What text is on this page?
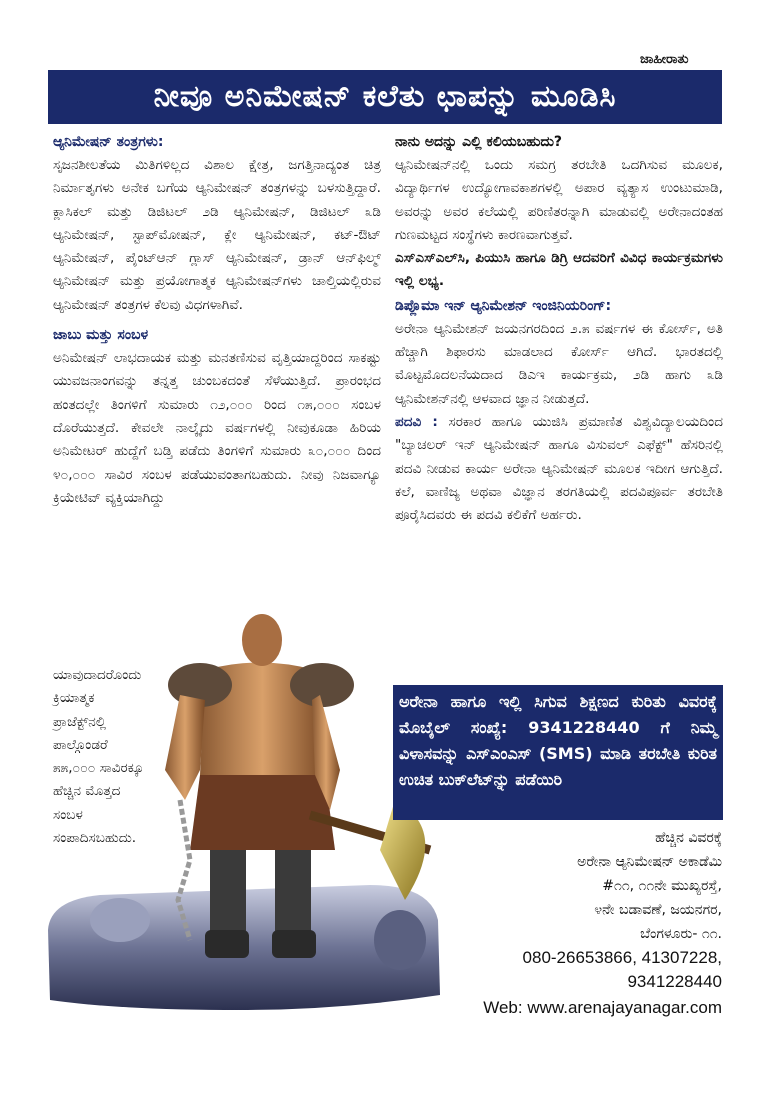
ಜಾಹೀರಾತು
ನೀವೂ ಅನಿಮೇಷನ್ ಕಲೆತು ಛಾಪನ್ನು ಮೂಡಿಸಿ
ಆ್ಯನಿಮೇಷನ್ ತಂತ್ರಗಳು:

ಸೃಜನಶೀಲತೆಯ ಮಿತಿಗಳಿಲ್ಲದ ವಿಶಾಲ ಕ್ಷೇತ್ರ, ಜಗತ್ತಿನಾದ್ಯಂತ ಚಿತ್ರ ನಿರ್ಮಾತೃಗಳು ಅನೇಕ ಬಗೆಯ ಆ್ಯನಿಮೇಷನ್ ತಂತ್ರಗಳನ್ನು ಬಳಸುತ್ತಿದ್ದಾರೆ. ಕ್ಲಾಸಿಕಲ್ ಮತ್ತು ಡಿಜಿಟಲ್ ೨ಡಿ ಆ್ಯನಿಮೇಷನ್, ಡಿಜಿಟಲ್ ೩ಡಿ ಆ್ಯನಿಮೇಷನ್, ಸ್ಟಾಪ್‌ಮೋಷನ್, ಕ್ಲೇ ಆ್ಯನಿಮೇಷನ್, ಕಟ್-ಔಟ್ ಆ್ಯನಿಮೇಷನ್, ಪೈಂಟ್‌ಆನ್ ಗ್ಲಾಸ್ ಆ್ಯನಿಮೇಷನ್, ಡ್ರಾನ್ ಆನ್‌ಫಿಲ್ಮ್ ಆ್ಯನಿಮೇಷನ್ ಮತ್ತು ಪ್ರಯೋಗಾತ್ಮಕ ಆ್ಯನಿಮೇಷನ್‌ಗಳು ಚಾಲ್ತಿಯಲ್ಲಿರುವ ಆ್ಯನಿಮೇಷನ್ ತಂತ್ರಗಳ ಕೆಲವು ವಿಧಗಳಾಗಿವೆ.

ಜಾಬು ಮತ್ತು ಸಂಬಳ

ಅನಿಮೇಷನ್ ಲಾಭದಾಯಕ ಮತ್ತು ಮನತಣಿಸುವ ವೃತ್ತಿಯಾದ್ದರಿಂದ ಸಾಕಷ್ಟು ಯುವಜನಾಂಗವನ್ನು ತನ್ನತ್ತ ಚುಂಬಕದಂತೆ ಸೆಳೆಯುತ್ತಿದೆ. ಪ್ರಾರಂಭದ ಹಂತದಲ್ಲೇ ತಿಂಗಳಿಗೆ ಸುಮಾರು ೧೨,೦೦೦ ರಿಂದ ೧೫,೦೦೦ ಸಂಬಳ ದೊರೆಯುತ್ತದೆ. ಕೇವಲೇ ನಾಲ್ಕೈದು ವರ್ಷಗಳಲ್ಲಿ ನೀವುಕೂಡಾ ಹಿರಿಯ ಅನಿಮೇಟರ್ ಹುದ್ದೆಗೆ ಬಡ್ತಿ ಪಡೆದು ತಿಂಗಳಿಗೆ ಸುಮಾರು ೩೦,೦೦೦ ದಿಂದ ೪೦,೦೦೦ ಸಾವಿರ ಸಂಬಳ ಪಡೆಯುವಂತಾಗಬಹುದು. ನೀವು ನಿಜವಾಗ್ಯೂ ಕ್ರಿಯೇಟಿವ್ ವ್ಯಕ್ತಿಯಾಗಿದ್ದು

ಯಾವುದಾದರೊಂದು
ಕ್ರಿಯಾತ್ಮಕ
ಪ್ರಾಜೆಕ್ಟ್‌ನಲ್ಲಿ
ಪಾಲ್ಗೊಂಡರೆ
೫೫,೦೦೦ ಸಾವಿರಕ್ಕೂ
ಹೆಚ್ಚಿನ ಮೊತ್ತದ
ಸಂಬಳ
ಸಂಪಾದಿಸಬಹುದು.
ನಾನು ಅದನ್ನು ಎಲ್ಲಿ ಕಲಿಯಬಹುದು?

ಆ್ಯನಿಮೇಷನ್‌ನಲ್ಲಿ ಒಂದು ಸಮಗ್ರ ತರಬೇತಿ ಒದಗಿಸುವ ಮೂಲಕ, ವಿದ್ಯಾರ್ಥಿಗಳ ಉದ್ಯೋಗಾವಕಾಶಗಳಲ್ಲಿ ಅಪಾರ ವ್ಯತ್ಯಾಸ ಉಂಟುಮಾಡಿ, ಅವರನ್ನು ಅವರ ಕಲೆಯಲ್ಲಿ ಪರಿಣಿತರನ್ನಾಗಿ ಮಾಡುವಲ್ಲಿ ಅರೇನಾದಂತಹ ಗುಣಮಟ್ಟದ ಸಂಸ್ಥೆಗಳು ಕಾರಣವಾಗುತ್ತವೆ.

ಎಸ್‌ಎಸ್‌ಎಲ್‌ಸಿ, ಪಿಯುಸಿ ಹಾಗೂ ಡಿಗ್ರಿ ಆದವರಿಗೆ ವಿವಿಧ ಕಾರ್ಯಕ್ರಮಗಳು ಇಲ್ಲಿ ಲಭ್ಯ.

ಡಿಪ್ಲೊಮಾ ಇನ್ ಆ್ಯನಿಮೇಶನ್ ಇಂಜಿನಿಯರಿಂಗ್:

ಅರೇನಾ ಆ್ಯನಿಮೇಶನ್ ಜಯನಗರದಿಂದ ೨.೫ ವರ್ಷಗಳ ಈ ಕೋರ್ಸ್, ಅತಿ ಹೆಚ್ಚಾಗಿ ಶಿಫಾರಸು ಮಾಡಲಾದ ಕೋರ್ಸ್ ಆಗಿದೆ. ಭಾರತದಲ್ಲಿ ಮೊಟ್ಟಮೊದಲನೆಯದಾದ ಡಿಎಇ ಕಾರ್ಯಕ್ರಮ, ೨ಡಿ ಹಾಗು ೩ಡಿ ಆ್ಯನಿಮೇಶನ್‌ನಲ್ಲಿ ಆಳವಾದ ಜ್ಞಾನ ನೀಡುತ್ತದೆ.

ಪದವಿ : ಸರಕಾರ ಹಾಗೂ ಯುಜಿಸಿ ಪ್ರಮಾಣಿತ ವಿಶ್ವವಿದ್ಯಾಲಯದಿಂದ "ಬ್ಯಾಚಲರ್ ಇನ್ ಆ್ಯನಿಮೇಷನ್ ಹಾಗೂ ವಿಸುವಲ್ ಎಫೆಕ್ಟ್" ಹೆಸರಿನಲ್ಲಿ ಪದವಿ ನೀಡುವ ಕಾರ್ಯ ಅರೇನಾ ಆ್ಯನಿಮೇಷನ್ ಮೂಲಕ ಇದೀಗ ಆಗುತ್ತಿದೆ. ಕಲೆ, ವಾಣಿಜ್ಯ ಅಥವಾ ವಿಜ್ಞಾನ ತರಗತಿಯಲ್ಲಿ ಪದವಿಪೂರ್ವ ತರಬೇತಿ ಪೂರೈಸಿದವರು ಈ ಪದವಿ ಕಲಿಕೆಗೆ ಅರ್ಹರು.

ಅರೇನಾ ಹಾಗೂ ಇಲ್ಲಿ ಸಿಗುವ ಶಿಕ್ಷಣದ ಕುರಿತು ವಿವರಕ್ಕೆ ಮೊಬೈಲ್ ಸಂಖ್ಯೆ: 9341228440 ಗೆ ನಿಮ್ಮ ವಿಳಾಸವನ್ನು ಎಸ್‌ಎಂಎಸ್ (SMS) ಮಾಡಿ ತರಬೇತಿ ಕುರಿತ ಉಚಿತ ಬುಕ್‌ಲೆಟ್‌ನ್ನು ಪಡೆಯಿರಿ
ಹೆಚ್ಚಿನ ವಿವರಕ್ಕೆ
ಅರೇನಾ ಆ್ಯನಿಮೇಷನ್ ಅಕಾಡೆಮಿ
#೧೧, ೧೧ನೇ ಮುಖ್ಯರಸ್ತೆ,
೪ನೇ ಬಡಾವಣೆ, ಜಯನಗರ,
ಬೆಂಗಳೂರು- ೧೧.
080-26653866, 41307228,
9341228440
Web: www.arenajayanagar.com
